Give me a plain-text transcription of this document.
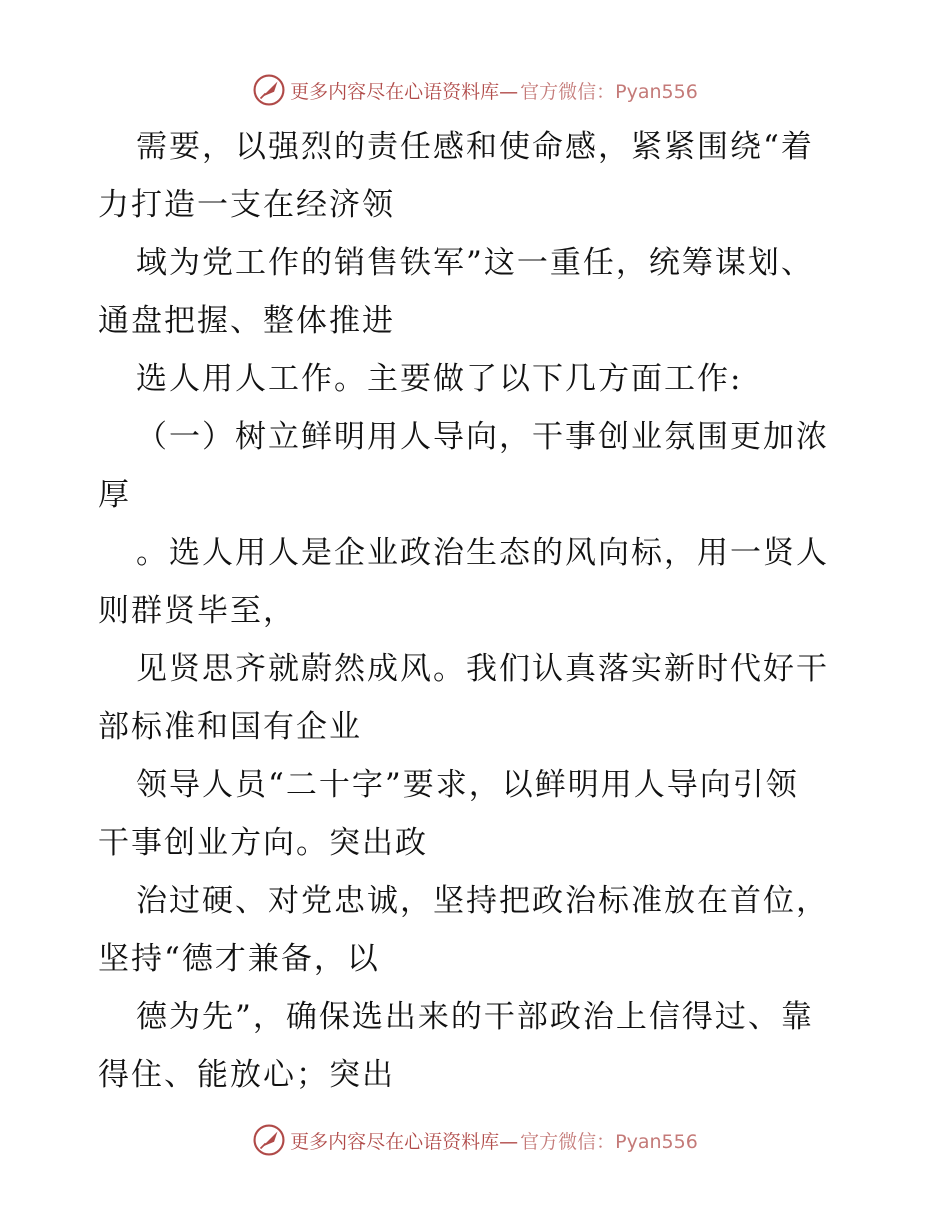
更多内容尽在心语资料库— 官方微信：Pyan556
需要，以强烈的责任感和使命感，紧紧围绕“着
力打造一支在经济领
域为党工作的销售铁军”这一重任，统筹谋划、
通盘把握、整体推进
选人用人工作。主要做了以下几方面工作:
（一）树立鲜明用人导向，干事创业氛围更加浓
厚
。选人用人是企业政治生态的风向标，用一贤人
则群贤毕至，
见贤思齐就蔚然成风。我们认真落实新时代好干
部标准和国有企业
领导人员“二十字”要求，以鲜明用人导向引领
干事创业方向。突出政
治过硬、对党忠诚，坚持把政治标准放在首位，
坚持“德才兼备，以
德为先”，确保选出来的干部政治上信得过、靠
得住、能放心；突出
更多内容尽在心语资料库— 官方微信：Pyan556
